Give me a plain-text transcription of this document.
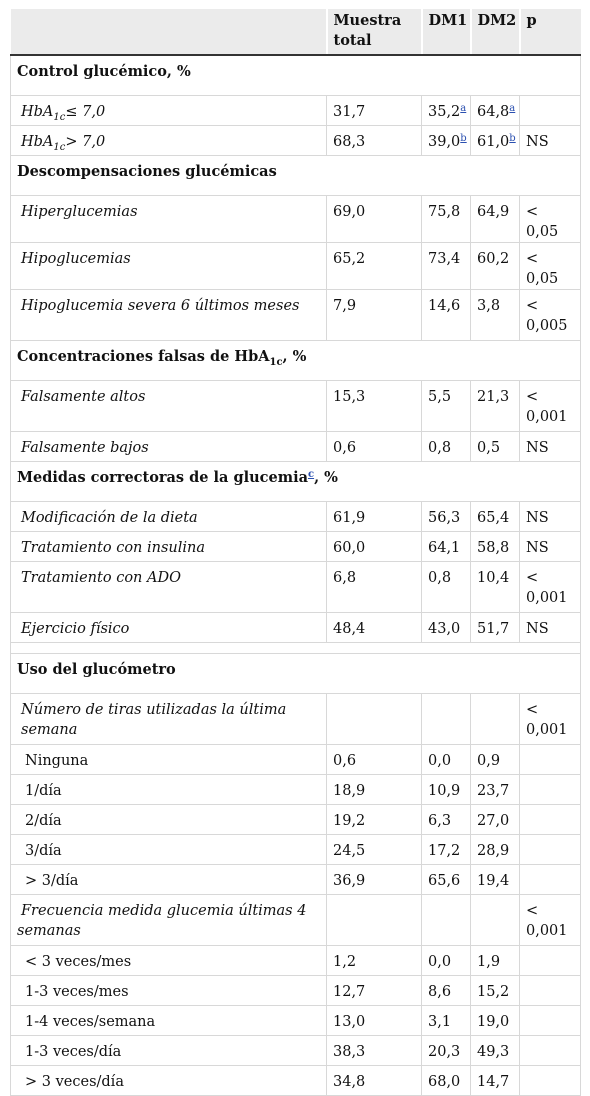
	Muestra total	DM1	DM2	p
Control glucémico, %				
HbA$_{1c}$≤ 7,0	31,7	35,2$^a$	64,8$^a$	
HbA$_{1c}$> 7,0	68,3	39,0$^b$	61,0$^b$	NS
Descompensaciones glucémicas				
Hiperglucemias	69,0	75,8	64,9	< 0,05
Hipoglucemias	65,2	73,4	60,2	< 0,05
Hipoglucemia severa 6 últimos meses	7,9	14,6	3,8	< 0,005
Concentraciones falsas de HbA$_{1c}$, %				
Falsamente altos	15,3	5,5	21,3	< 0,001
Falsamente bajos	0,6	0,8	0,5	NS
Medidas correctoras de la glucemia$^c$, %				
Modificación de la dieta	61,9	56,3	65,4	NS
Tratamiento con insulina	60,0	64,1	58,8	NS
Tratamiento con ADO	6,8	0,8	10,4	< 0,001
Ejercicio físico	48,4	43,0	51,7	NS

Uso del glucómetro				
Número de tiras utilizadas la última semana				< 0,001
Ninguna	0,6	0,0	0,9	
1/día	18,9	10,9	23,7	
2/día	19,2	6,3	27,0	
3/día	24,5	17,2	28,9	
> 3/día	36,9	65,6	19,4	
Frecuencia medida glucemia últimas 4 semanas				< 0,001
< 3 veces/mes	1,2	0,0	1,9	
1-3 veces/mes	12,7	8,6	15,2	
1-4 veces/semana	13,0	3,1	19,0	
1-3 veces/día	38,3	20,3	49,3	
> 3 veces/día	34,8	68,0	14,7	
